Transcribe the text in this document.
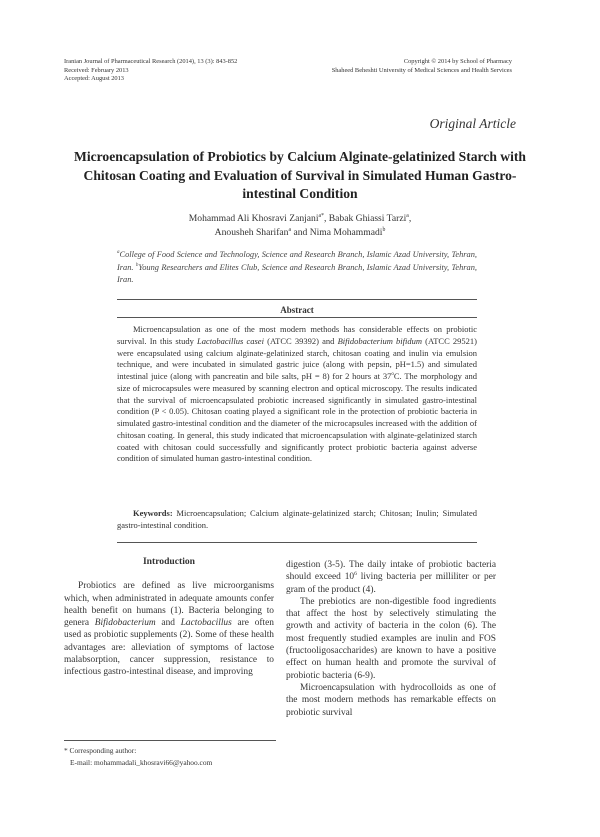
Iranian Journal of Pharmaceutical Research (2014), 13 (3): 843-852
Received: February 2013
Accepted: August 2013
Copyright © 2014 by School of Pharmacy
Shaheed Beheshti University of Medical Sciences and Health Services
Original Article
Microencapsulation of Probiotics by Calcium Alginate-gelatinized Starch with Chitosan Coating and Evaluation of Survival in Simulated Human Gastro-intestinal Condition
Mohammad Ali Khosravi Zanjani$^{a*}$, Babak Ghiassi Tarzi$^a$,
Anousheh Sharifan$^a$ and Nima Mohammadi$^b$
$^a$College of Food Science and Technology, Science and Research Branch, Islamic Azad University, Tehran, Iran. $^b$Young Researchers and Elites Club, Science and Research Branch, Islamic Azad University, Tehran, Iran.
Abstract

Microencapsulation as one of the most modern methods has considerable effects on probiotic survival. In this study Lactobacillus casei (ATCC 39392) and Bifidobacterium bifidum (ATCC 29521) were encapsulated using calcium alginate-gelatinized starch, chitosan coating and inulin via emulsion technique, and were incubated in simulated gastric juice (along with pepsin, pH=1.5) and simulated intestinal juice (along with pancreatin and bile salts, pH = 8) for 2 hours at 37$^o$C. The morphology and size of microcapsules were measured by scanning electron and optical microscopy. The results indicated that the survival of microencapsulated probiotic increased significantly in simulated gastro-intestinal condition (P < 0.05). Chitosan coating played a significant role in the protection of probiotic bacteria in simulated gastro-intestinal condition and the diameter of the microcapsules increased with the addition of chitosan coating. In general, this study indicated that microencapsulation with alginate-gelatinized starch coated with chitosan could successfully and significantly protect probiotic bacteria against adverse condition of simulated human gastro-intestinal condition.

Keywords: Microencapsulation; Calcium alginate-gelatinized starch; Chitosan; Inulin; Simulated gastro-intestinal condition.

Introduction

Probiotics are defined as live microorganisms which, when administrated in adequate amounts confer health benefit on humans (1). Bacteria belonging to genera Bifidobacterium and Lactobacillus are often used as probiotic supplements (2). Some of these health advantages are: alleviation of symptoms of lactose malabsorption, cancer suppression, resistance to infectious gastro-intestinal disease, and improving

digestion (3-5). The daily intake of probiotic bacteria should exceed $10^6$ living bacteria per milliliter or per gram of the product (4).

The prebiotics are non-digestible food ingredients that affect the host by selectively stimulating the growth and activity of bacteria in the colon (6). The most frequently studied examples are inulin and FOS (fructooligosaccharides) are known to have a positive effect on human health and promote the survival of probiotic bacteria (6-9).

Microencapsulation with hydrocolloids as one of the most modern methods has remarkable effects on probiotic survival

* Corresponding author:
E-mail: mohammadali_khosravi66@yahoo.com
